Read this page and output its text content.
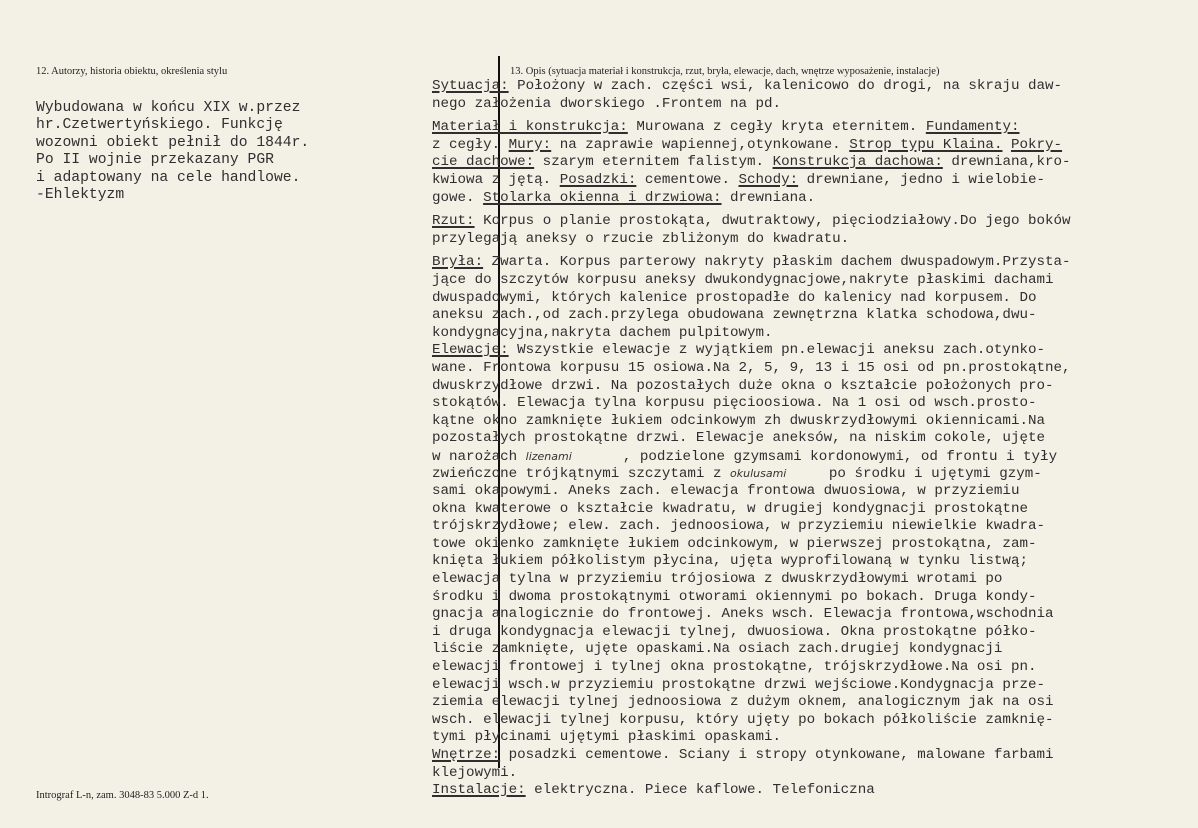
12. Autorzy, historia obiektu, określenia stylu	13. Opis (sytuacja materiał i konstrukcja, rzut, bryła, elewacje, dach, wnętrze wyposażenie, instalacje)
Wybudowana w końcu XIX w.przez
hr.Czetwertyńskiego. Funkcję
wozowni obiekt pełnił do 1844r.
Po II wojnie przekazany PGR
i adaptowany na cele handlowe.
-Ehlektyzm
Sytuacja: Położony w zach. części wsi, kalenicowo do drogi, na skraju daw-
nego założenia dworskiego .Frontem na pd.
Materiał i konstrukcja: Murowana z cegły kryta eternitem. Fundamenty:
z cegły. Mury: na zaprawie wapiennej,otynkowane. Strop typu Klaina. Pokry-
cie dachowe: szarym eternitem falistym. Konstrukcja dachowa: drewniana,kro-
kwiowa z jętą. Posadzki: cementowe. Schody: drewniane, jedno i wielobie-
gowe. Stolarka okienna i drzwiowa: drewniana.
Rzut: Korpus o planie prostokąta, dwutraktowy, pięciodziałowy.Do jego boków
przylegają aneksy o rzucie zbliżonym do kwadratu.
Bryła: Zwarta. Korpus parterowy nakryty płaskim dachem dwuspadowym.Przysta-
jące do szczytów korpusu aneksy dwukondygnacjowe,nakryte płaskimi dachami
dwuspadowymi, których kalenice prostopadłe do kalenicy nad korpusem. Do
aneksu zach.,od zach.przylega obudowana zewnętrzna klatka schodowa,dwu-
kondygnacyjna,nakryta dachem pulpitowym.
Elewacje: Wszystkie elewacje z wyjątkiem pn.elewacji aneksu zach.otynko-
wane. Frontowa korpusu 15 osiowa.Na 2, 5, 9, 13 i 15 osi od pn.prostokątne,
dwuskrzydłowe drzwi. Na pozostałych duże okna o kształcie położonych pro-
stokątów. Elewacja tylna korpusu pięcioosiowa. Na 1 osi od wsch.prosto-
kątne okno zamknięte łukiem odcinkowym zh dwuskrzydłowymi okiennicami.Na
pozostałych prostokątne drzwi. Elewacje aneksów, na niskim cokole, ujęte
w narożach lizenami      , podzielone gzymsami kordonowymi, od frontu i tyły
zwieńczone trójkątnymi szczytami z okulusami     po środku i ujętymi gzym-
sami okapowymi. Aneks zach. elewacja frontowa dwuosiowa, w przyziemiu
okna kwaterowe o kształcie kwadratu, w drugiej kondygnacji prostokątne
trójskrzydłowe; elew. zach. jednoosiowa, w przyziemiu niewielkie kwadra-
towe okienko zamknięte łukiem odcinkowym, w pierwszej prostokątna, zam-
knięta łukiem półkolistym płycina, ujęta wyprofilowaną w tynku listwą;
elewacja tylna w przyziemiu trójosiowa z dwuskrzydłowymi wrotami po
środku i dwoma prostokątnymi otworami okiennymi po bokach. Druga kondy-
gnacja analogicznie do frontowej. Aneks wsch. Elewacja frontowa,wschodnia
i druga kondygnacja elewacji tylnej, dwuosiowa. Okna prostokątne półko-
liście zamknięte, ujęte opaskami.Na osiach zach.drugiej kondygnacji
elewacji frontowej i tylnej okna prostokątne, trójskrzydłowe.Na osi pn.
elewacji wsch.w przyziemiu prostokątne drzwi wejściowe.Kondygnacja prze-
ziemia elewacji tylnej jednoosiowa z dużym oknem, analogicznym jak na osi
wsch. elewacji tylnej korpusu, który ujęty po bokach półkoliście zamknię-
tymi płycinami ujętymi płaskimi opaskami.
Wnętrze: posadzki cementowe. Sciany i stropy otynkowane, malowane farbami
klejowymi.
Instalacje: elektryczna. Piece kaflowe. Telefoniczna
Intrograf L-n, zam. 3048-83 5.000 Z-d 1.
